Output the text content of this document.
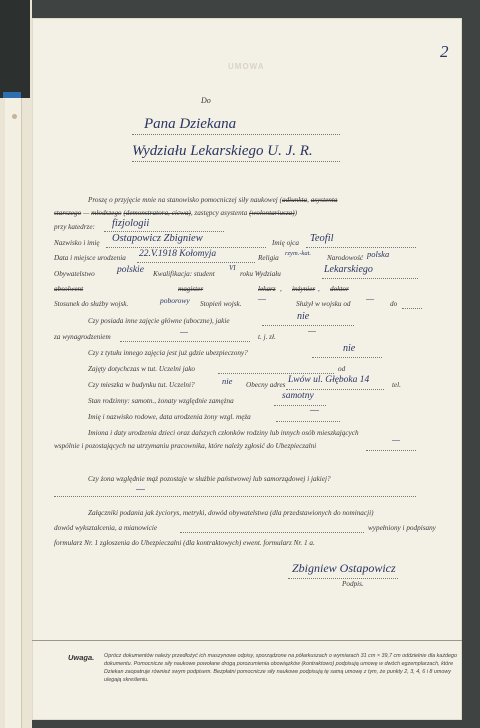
2
UMOWA
Do
Pana Dziekana
Wydziału Lekarskiego U. J. R.
Proszę o przyjęcie mnie na stanowisko pomocniczej siły naukowej (adiunkta, asystenta
starszego — młodszego (demonstratora, cicwa), zastępcy asystenta (wolontariusza))
przy katedrze: fizjologii
Nazwisko i imię Ostapowicz Zbigniew	Imię ojca Teofil
Data i miejsce urodzenia 22.V.1918 Kołomyja	Religia
rzym.-kat.
Narodowość polska
Obywatelstwo polskie Kwalifikacja: student
VI
roku Wydziału	Lekarskiego
absolwent	magister	lekarz , inżynier , doktor
Stosunek do służby wojsk.	poborowy Stopień wojsk. —	Służył w wojsku od — do
Czy posiada inne zajęcie główne (uboczne), jakie	nie
za wynagrodzeniem	—	t. j. zł.
—
Czy z tytułu innego zajęcia jest już gdzie ubezpieczony?	nie
Zajęty dotychczas w tut. Uczelni jako	od
Czy mieszka w budynku tut. Uczelni?	nie Obecny adres Lwów ul. Głęboka 14	tel.
Stan rodzinny: samotn., żonaty względnie zamężna	samotny
Imię i nazwisko rodowe, data urodzenia żony wzgl. męża
—
Imiona i daty urodzenia dzieci oraz dalszych członków rodziny lub innych osób mieszkających
wspólnie i pozostających na utrzymaniu pracownika, które należy zgłosić do Ubezpieczalni
—
Czy żona względnie mąż pozostaje w służbie państwowej lub samorządowej i jakiej?
—
Załączniki podania jak życiorys, metryki, dowód obywatelstwa (dla przedstawionych do nominacji)
dowód wykształcenia, a mianowicie	wypełniony i podpisany
formularz Nr. 1 zgłoszenia do Ubezpieczalni (dla kontraktowych) ewent. formularz Nr. 1 a.
Zbigniew Ostapowicz
Podpis.
Uwaga. Oprócz dokumentów należy przedłożyć ich maszynowe odpisy, sporządzone na półarkuszach o wymiarach 31 cm × 39,7 cm oddzielnie dla każdego dokumentu. Pomocnicze siły naukowe powołane drogą porozumienia obowiązków (kontraktowo) podpisują umowę w dwóch egzemplarzach, które Dziekan zaopatruje również swym podpisem. Bezpłatni pomocnicze siły naukowe podpisują tę samą umowę z tym, że punkty 2, 3, 4, 6 i 8 umowy ulegają skreśleniu.
